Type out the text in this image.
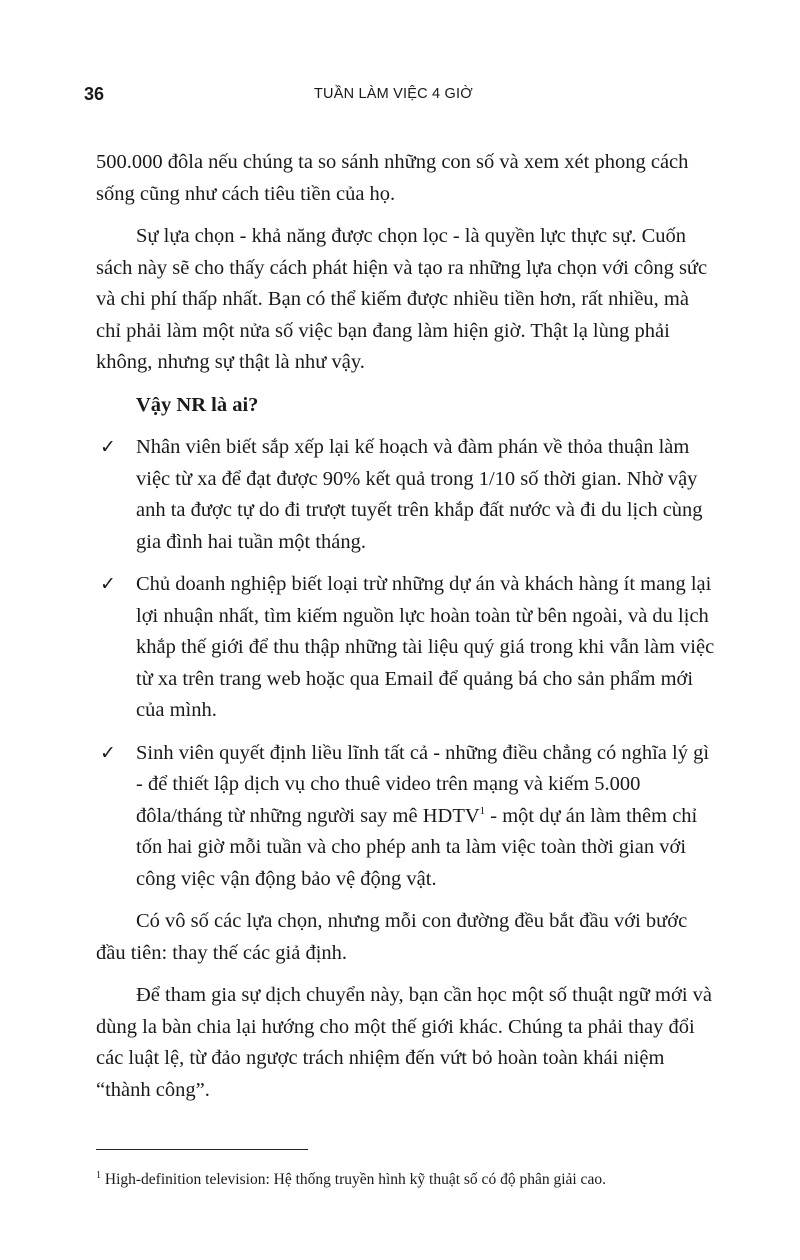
36	TUẦN LÀM VIỆC 4 GIỜ

500.000 đôla nếu chúng ta so sánh những con số và xem xét phong cách sống cũng như cách tiêu tiền của họ.

Sự lựa chọn - khả năng được chọn lọc - là quyền lực thực sự. Cuốn sách này sẽ cho thấy cách phát hiện và tạo ra những lựa chọn với công sức và chi phí thấp nhất. Bạn có thể kiếm được nhiều tiền hơn, rất nhiều, mà chỉ phải làm một nửa số việc bạn đang làm hiện giờ. Thật lạ lùng phải không, nhưng sự thật là như vậy.

Vậy NR là ai?

✓ Nhân viên biết sắp xếp lại kế hoạch và đàm phán về thỏa thuận làm việc từ xa để đạt được 90% kết quả trong 1/10 số thời gian. Nhờ vậy anh ta được tự do đi trượt tuyết trên khắp đất nước và đi du lịch cùng gia đình hai tuần một tháng.
✓ Chủ doanh nghiệp biết loại trừ những dự án và khách hàng ít mang lại lợi nhuận nhất, tìm kiếm nguồn lực hoàn toàn từ bên ngoài, và du lịch khắp thế giới để thu thập những tài liệu quý giá trong khi vẫn làm việc từ xa trên trang web hoặc qua Email để quảng bá cho sản phẩm mới của mình.
✓ Sinh viên quyết định liều lĩnh tất cả - những điều chẳng có nghĩa lý gì - để thiết lập dịch vụ cho thuê video trên mạng và kiếm 5.000 đôla/tháng từ những người say mê HDTV$^1$ - một dự án làm thêm chỉ tốn hai giờ mỗi tuần và cho phép anh ta làm việc toàn thời gian với công việc vận động bảo vệ động vật.

Có vô số các lựa chọn, nhưng mỗi con đường đều bắt đầu với bước đầu tiên: thay thế các giả định.

Để tham gia sự dịch chuyển này, bạn cần học một số thuật ngữ mới và dùng la bàn chia lại hướng cho một thế giới khác. Chúng ta phải thay đổi các luật lệ, từ đảo ngược trách nhiệm đến vứt bỏ hoàn toàn khái niệm “thành công”.

$^1$ High-definition television: Hệ thống truyền hình kỹ thuật số có độ phân giải cao.
